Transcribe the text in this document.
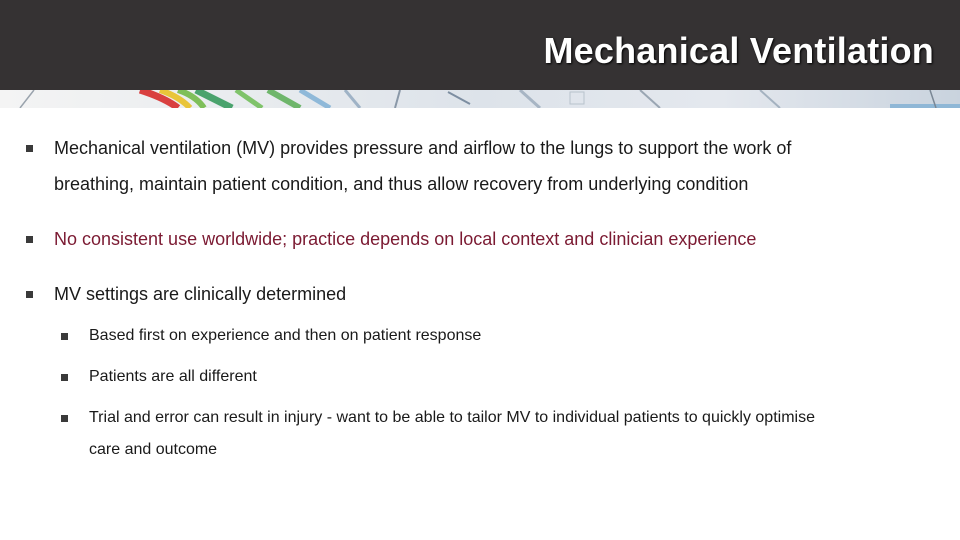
Mechanical Ventilation
Mechanical ventilation (MV) provides pressure and airflow to the lungs to support the work of
breathing, maintain patient condition, and thus allow recovery from underlying condition
No consistent use worldwide; practice depends on local context and clinician experience
MV settings are clinically determined
Based first on experience and then on patient response
Patients are all different
Trial and error can result in injury - want to be able to tailor MV to individual patients to quickly optimise
care and outcome
